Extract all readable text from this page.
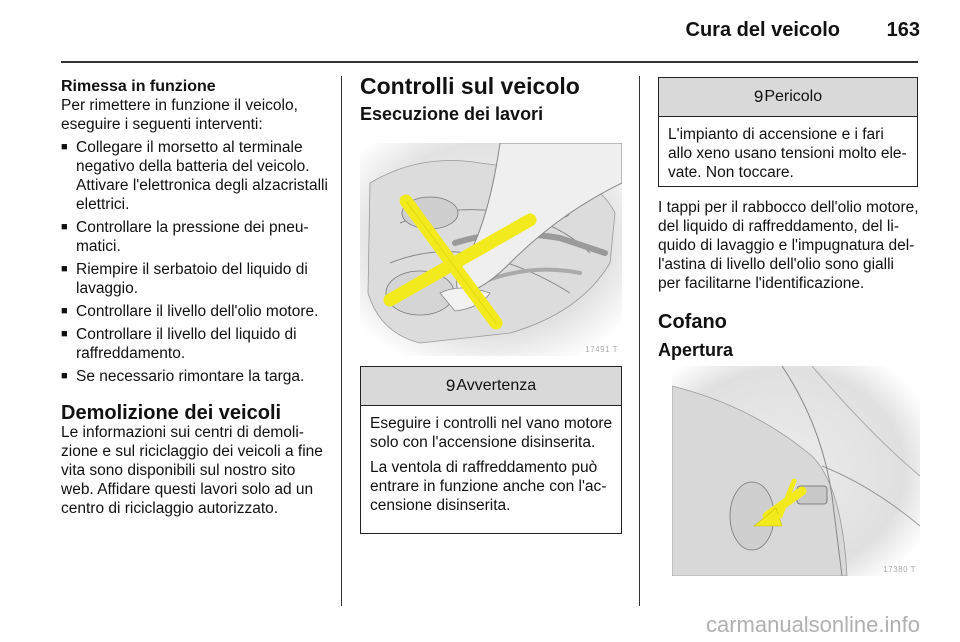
Cura del veicolo 163
Rimessa in funzione

Per rimettere in funzione il veicolo, eseguire i seguenti interventi:

■ Collegare il morsetto al terminale negativo della batteria del veicolo. Attivare l'elettronica degli alzacristalli elettrici.
■ Controllare la pressione dei pneumatici.
■ Riempire il serbatoio del liquido di lavaggio.
■ Controllare il livello dell'olio motore.
■ Controllare il livello del liquido di raffreddamento.
■ Se necessario rimontare la targa.
Demolizione dei veicoli

Le informazioni sui centri di demolizione e sul riciclaggio dei veicoli a fine vita sono disponibili sul nostro sito web. Affidare questi lavori solo ad un centro di riciclaggio autorizzato.

Controlli sul veicolo
Esecuzione dei lavori
17491 T
9 Avvertenza

Eseguire i controlli nel vano motore solo con l'accensione disinserita.

La ventola di raffreddamento può entrare in funzione anche con l'accensione disinserita.

9 Pericolo

L'impianto di accensione e i fari allo xeno usano tensioni molto elevate. Non toccare.

I tappi per il rabbocco dell'olio motore, del liquido di raffreddamento, del liquido di lavaggio e l'impugnatura dell'astina di livello dell'olio sono gialli per facilitarne l'identificazione.

Cofano
Apertura
17380 T
carmanualsonline.info
